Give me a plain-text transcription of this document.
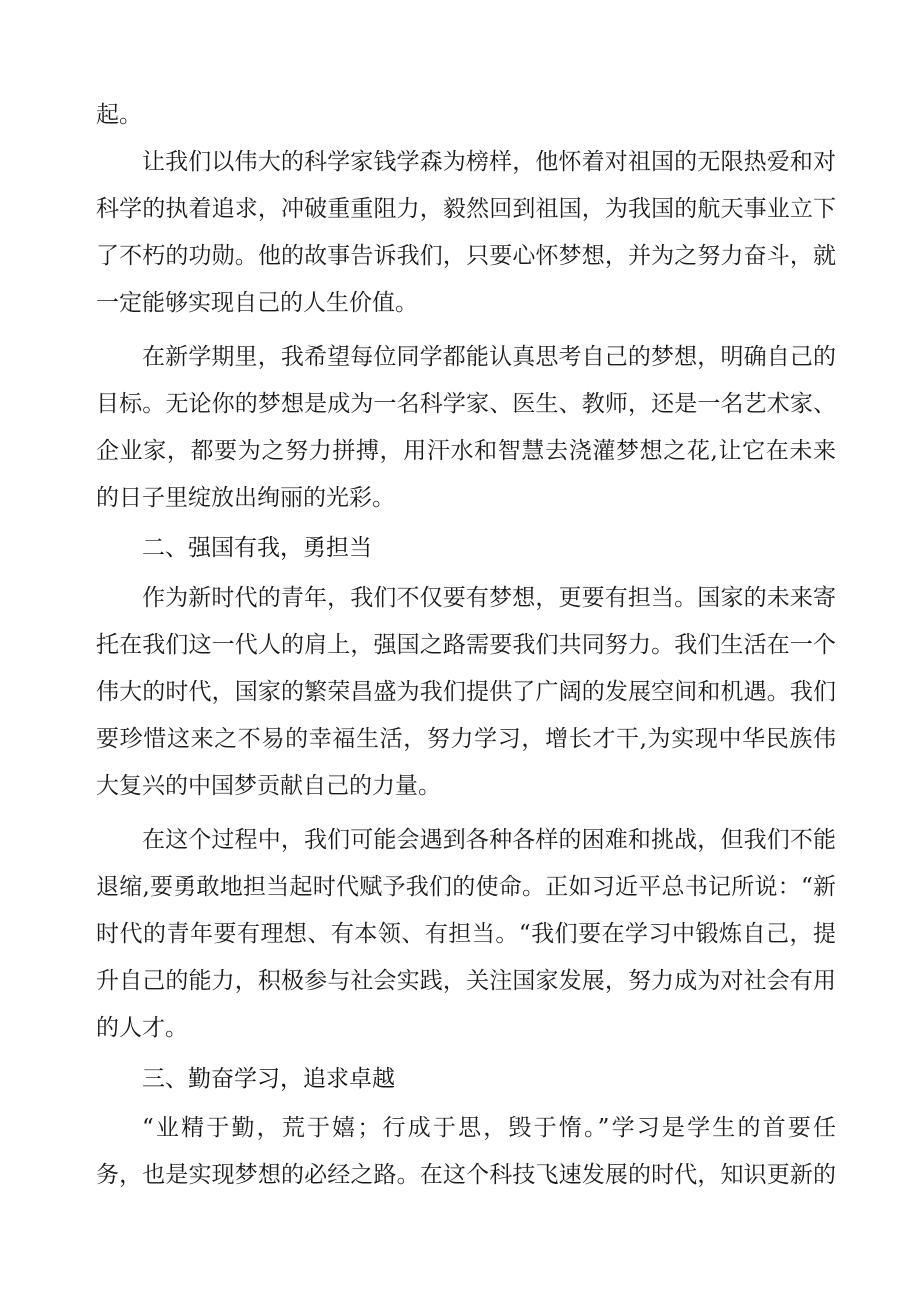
起。
让我们以伟大的科学家钱学森为榜样，他怀着对祖国的无限热爱和对
科学的执着追求，冲破重重阻力，毅然回到祖国，为我国的航天事业立下
了不朽的功勋。他的故事告诉我们，只要心怀梦想，并为之努力奋斗，就
一定能够实现自己的人生价值。
在新学期里，我希望每位同学都能认真思考自己的梦想，明确自己的
目标。无论你的梦想是成为一名科学家、医生、教师，还是一名艺术家、
企业家，都要为之努力拼搏，用汗水和智慧去浇灌梦想之花,让它在未来
的日子里绽放出绚丽的光彩。
二、强国有我，勇担当
作为新时代的青年，我们不仅要有梦想，更要有担当。国家的未来寄
托在我们这一代人的肩上，强国之路需要我们共同努力。我们生活在一个
伟大的时代，国家的繁荣昌盛为我们提供了广阔的发展空间和机遇。我们
要珍惜这来之不易的幸福生活，努力学习，增长才干,为实现中华民族伟
大复兴的中国梦贡献自己的力量。
在这个过程中，我们可能会遇到各种各样的困难和挑战，但我们不能
退缩,要勇敢地担当起时代赋予我们的使命。正如习近平总书记所说：“新
时代的青年要有理想、有本领、有担当。“我们要在学习中锻炼自己，提
升自己的能力，积极参与社会实践，关注国家发展，努力成为对社会有用
的人才。
三、勤奋学习，追求卓越
“业精于勤，荒于嬉；行成于思，毁于惰。”学习是学生的首要任
务，也是实现梦想的必经之路。在这个科技飞速发展的时代，知识更新的
